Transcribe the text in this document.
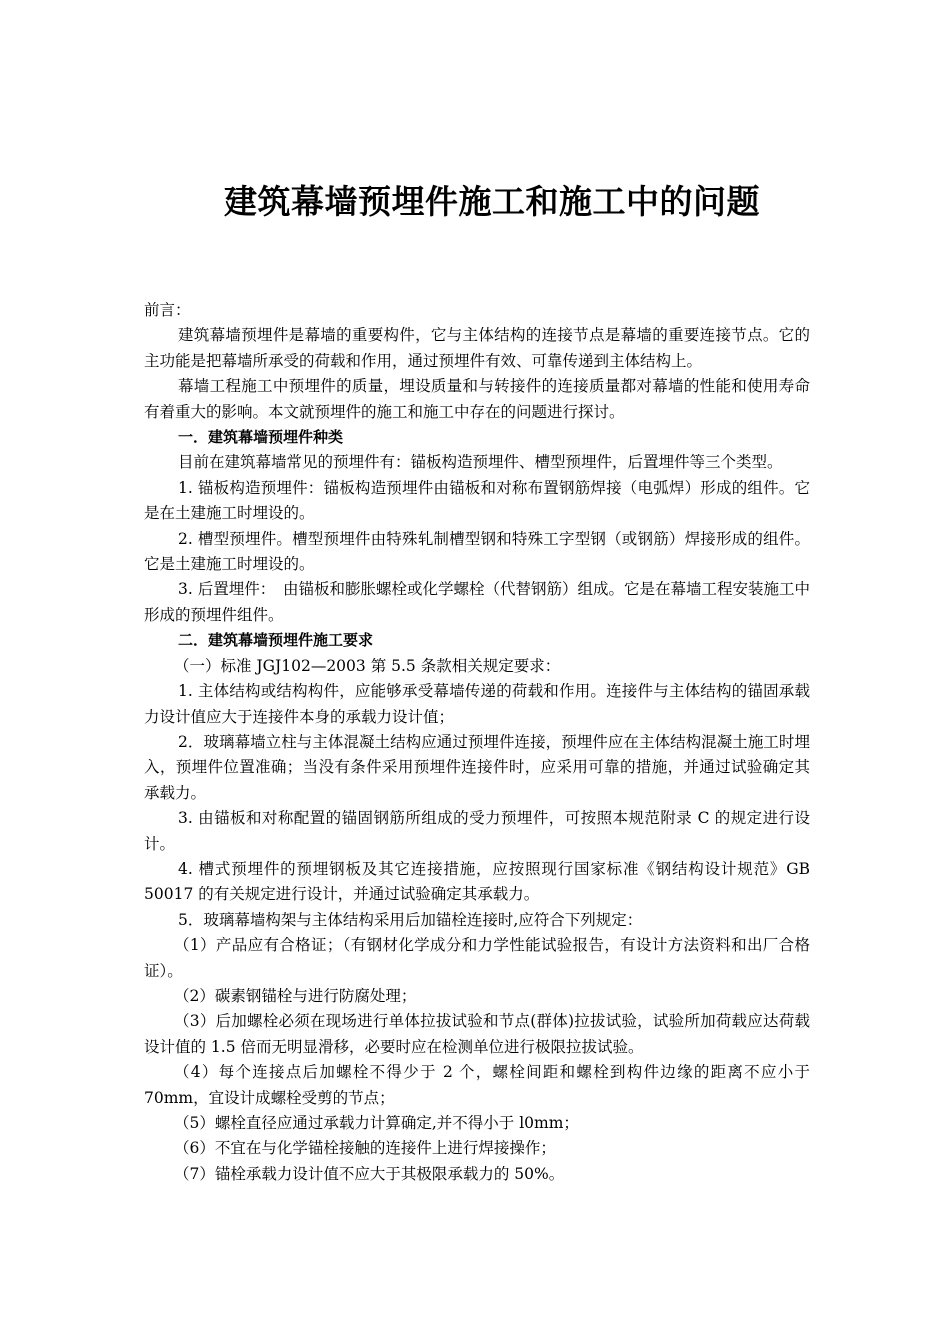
建筑幕墙预埋件施工和施工中的问题

前言：

建筑幕墙预埋件是幕墙的重要构件，它与主体结构的连接节点是幕墙的重要连接节点。它的主功能是把幕墙所承受的荷载和作用，通过预埋件有效、可靠传递到主体结构上。

幕墙工程施工中预埋件的质量，埋设质量和与转接件的连接质量都对幕墙的性能和使用寿命有着重大的影响。本文就预埋件的施工和施工中存在的问题进行探讨。

一．建筑幕墙预埋件种类

目前在建筑幕墙常见的预埋件有：锚板构造预埋件、槽型预埋件，后置埋件等三个类型。

1. 锚板构造预埋件：锚板构造预埋件由锚板和对称布置钢筋焊接（电弧焊）形成的组件。它是在土建施工时埋设的。

2. 槽型预埋件。槽型预埋件由特殊轧制槽型钢和特殊工字型钢（或钢筋）焊接形成的组件。它是土建施工时埋设的。

3. 后置埋件：　由锚板和膨胀螺栓或化学螺栓（代替钢筋）组成。它是在幕墙工程安装施工中形成的预埋件组件。

二．建筑幕墙预埋件施工要求

（一）标准 JGJ102—2003 第 5.5 条款相关规定要求：

1. 主体结构或结构构件，应能够承受幕墙传递的荷载和作用。连接件与主体结构的锚固承载力设计值应大于连接件本身的承载力设计值；

2．玻璃幕墙立柱与主体混凝土结构应通过预埋件连接，预埋件应在主体结构混凝土施工时埋入，预埋件位置准确；当没有条件采用预埋件连接件时，应采用可靠的措施，并通过试验确定其承载力。

3. 由锚板和对称配置的锚固钢筋所组成的受力预埋件，可按照本规范附录 C 的规定进行设计。

4. 槽式预埋件的预埋钢板及其它连接措施，应按照现行国家标准《钢结构设计规范》GB 50017 的有关规定进行设计，并通过试验确定其承载力。

5．玻璃幕墙构架与主体结构采用后加锚栓连接时,应符合下列规定：

（1）产品应有合格证；（有钢材化学成分和力学性能试验报告，有设计方法资料和出厂合格证）。

（2）碳素钢锚栓与进行防腐处理；

（3）后加螺栓必须在现场进行单体拉拔试验和节点(群体)拉拔试验，试验所加荷载应达荷载设计值的 1.5 倍而无明显滑移，必要时应在检测单位进行极限拉拔试验。

（4）每个连接点后加螺栓不得少于 2 个，螺栓间距和螺栓到构件边缘的距离不应小于 70mm，宜设计成螺栓受剪的节点；

（5）螺栓直径应通过承载力计算确定,并不得小于 l0mm；

（6）不宜在与化学锚栓接触的连接件上进行焊接操作；

（7）锚栓承载力设计值不应大于其极限承载力的 50%。
